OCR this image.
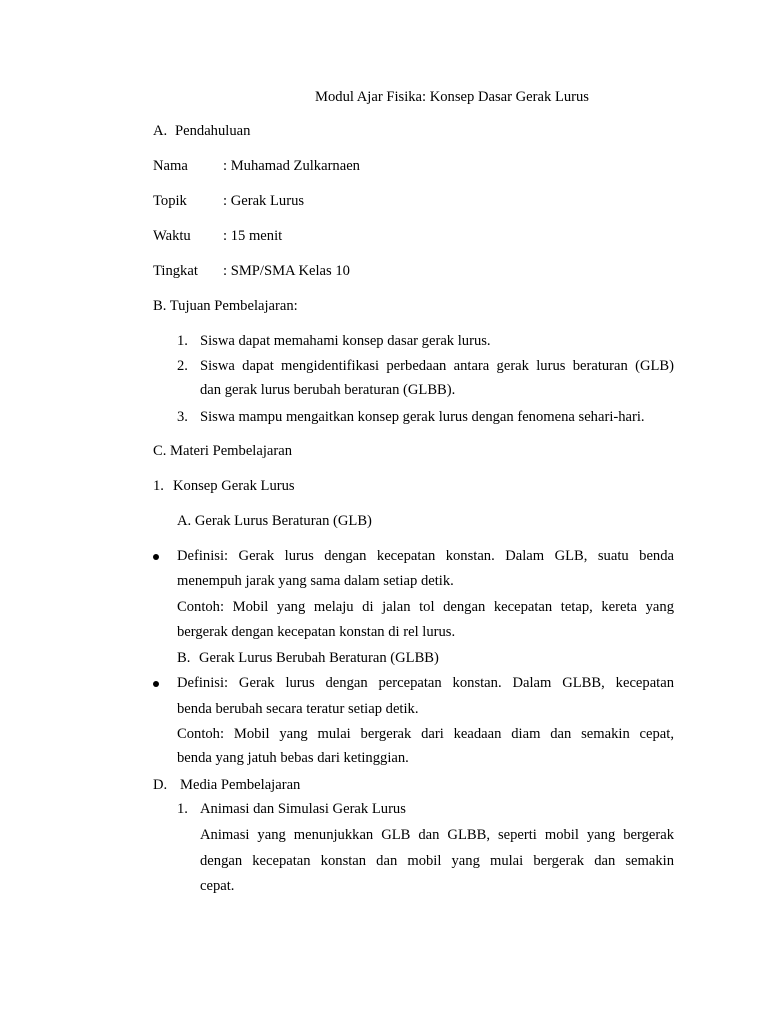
Modul Ajar Fisika: Konsep Dasar Gerak Lurus
A. Pendahuluan
Nama : Muhamad Zulkarnaen
Topik : Gerak Lurus
Waktu : 15 menit
Tingkat : SMP/SMA Kelas 10
B. Tujuan Pembelajaran:
1. Siswa dapat memahami konsep dasar gerak lurus.
2. Siswa dapat mengidentifikasi perbedaan antara gerak lurus beraturan (GLB)
dan gerak lurus berubah beraturan (GLBB).
3. Siswa mampu mengaitkan konsep gerak lurus dengan fenomena sehari-hari.
C. Materi Pembelajaran
1. Konsep Gerak Lurus
A. Gerak Lurus Beraturan (GLB)
Definisi: Gerak lurus dengan kecepatan konstan. Dalam GLB, suatu benda
menempuh jarak yang sama dalam setiap detik.
Contoh: Mobil yang melaju di jalan tol dengan kecepatan tetap, kereta yang
bergerak dengan kecepatan konstan di rel lurus.
B. Gerak Lurus Berubah Beraturan (GLBB)
Definisi: Gerak lurus dengan percepatan konstan. Dalam GLBB, kecepatan
benda berubah secara teratur setiap detik.
Contoh: Mobil yang mulai bergerak dari keadaan diam dan semakin cepat,
benda yang jatuh bebas dari ketinggian.
D. Media Pembelajaran
1. Animasi dan Simulasi Gerak Lurus
Animasi yang menunjukkan GLB dan GLBB, seperti mobil yang bergerak
dengan kecepatan konstan dan mobil yang mulai bergerak dan semakin
cepat.
